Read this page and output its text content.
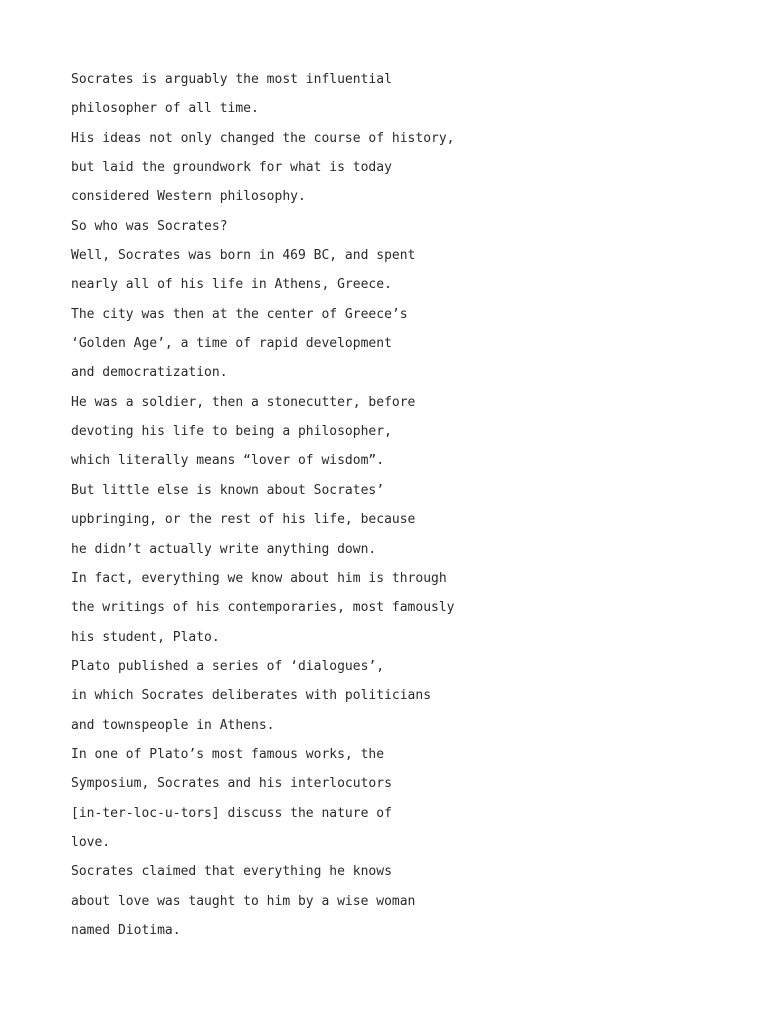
Socrates is arguably the most influential
philosopher of all time.
His ideas not only changed the course of history,
but laid the groundwork for what is today
considered Western philosophy.
So who was Socrates?
Well, Socrates was born in 469 BC, and spent
nearly all of his life in Athens, Greece.
The city was then at the center of Greece’s
‘Golden Age’, a time of rapid development
and democratization.
He was a soldier, then a stonecutter, before
devoting his life to being a philosopher,
which literally means “lover of wisdom”.
But little else is known about Socrates’
upbringing, or the rest of his life, because
he didn’t actually write anything down.
In fact, everything we know about him is through
the writings of his contemporaries, most famously
his student, Plato.
Plato published a series of ‘dialogues’,
in which Socrates deliberates with politicians
and townspeople in Athens.
In one of Plato’s most famous works, the
Symposium, Socrates and his interlocutors
[in-ter-loc-u-tors] discuss the nature of
love.
Socrates claimed that everything he knows
about love was taught to him by a wise woman
named Diotima.
